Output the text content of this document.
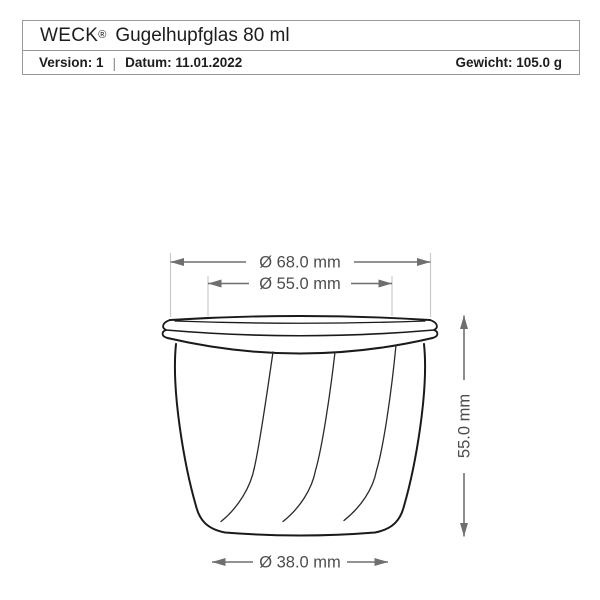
WECK ® Gugelhupfglas 80 ml
Version: 1 | Datum: 11.01.2022	Gewicht: 105.0 g
Ø 68.0 mm
Ø 55.0 mm
55.0 mm
Ø 38.0 mm
